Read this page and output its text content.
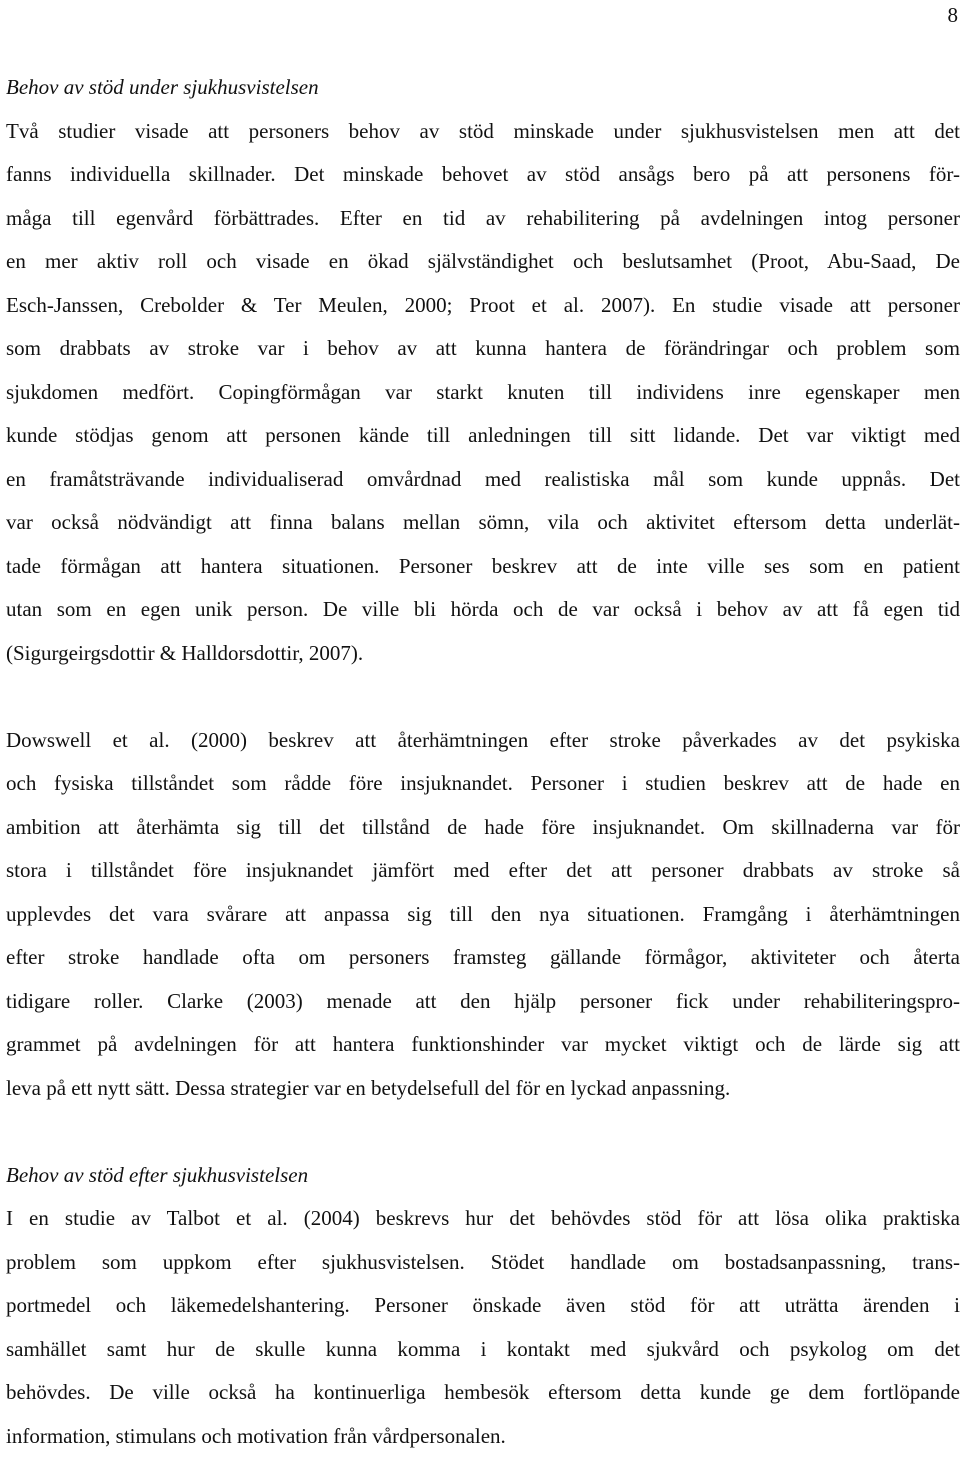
8
Behov av stöd under sjukhusvistelsen
Två studier visade att personers behov av stöd minskade under sjukhusvistelsen men att det
fanns individuella skillnader. Det minskade behovet av stöd ansågs bero på att personens för-
måga till egenvård förbättrades. Efter en tid av rehabilitering på avdelningen intog personer
en mer aktiv roll och visade en ökad självständighet och beslutsamhet (Proot, Abu-Saad, De
Esch-Janssen, Crebolder & Ter Meulen, 2000; Proot et al. 2007). En studie visade att personer
som drabbats av stroke var i behov av att kunna hantera de förändringar och problem som
sjukdomen medfört. Copingförmågan var starkt knuten till individens inre egenskaper men
kunde stödjas genom att personen kände till anledningen till sitt lidande. Det var viktigt med
en framåtsträvande individualiserad omvårdnad med realistiska mål som kunde uppnås. Det
var också nödvändigt att finna balans mellan sömn, vila och aktivitet eftersom detta underlät-
tade förmågan att hantera situationen. Personer beskrev att de inte ville ses som en patient
utan som en egen unik person. De ville bli hörda och de var också i behov av att få egen tid
(Sigurgeirgsdottir & Halldorsdottir, 2007).
Dowswell et al. (2000) beskrev att återhämtningen efter stroke påverkades av det psykiska
och fysiska tillståndet som rådde före insjuknandet. Personer i studien beskrev att de hade en
ambition att återhämta sig till det tillstånd de hade före insjuknandet. Om skillnaderna var för
stora i tillståndet före insjuknandet jämfört med efter det att personer drabbats av stroke så
upplevdes det vara svårare att anpassa sig till den nya situationen. Framgång i återhämtningen
efter stroke handlade ofta om personers framsteg gällande förmågor, aktiviteter och återta
tidigare roller. Clarke (2003) menade att den hjälp personer fick under rehabiliteringspro-
grammet på avdelningen för att hantera funktionshinder var mycket viktigt och de lärde sig att
leva på ett nytt sätt. Dessa strategier var en betydelsefull del för en lyckad anpassning.
Behov av stöd efter sjukhusvistelsen
I en studie av Talbot et al. (2004) beskrevs hur det behövdes stöd för att lösa olika praktiska
problem som uppkom efter sjukhusvistelsen. Stödet handlade om bostadsanpassning, trans-
portmedel och läkemedelshantering. Personer önskade även stöd för att uträtta ärenden i
samhället samt hur de skulle kunna komma i kontakt med sjukvård och psykolog om det
behövdes. De ville också ha kontinuerliga hembesök eftersom detta kunde ge dem fortlöpande
information, stimulans och motivation från vårdpersonalen.
